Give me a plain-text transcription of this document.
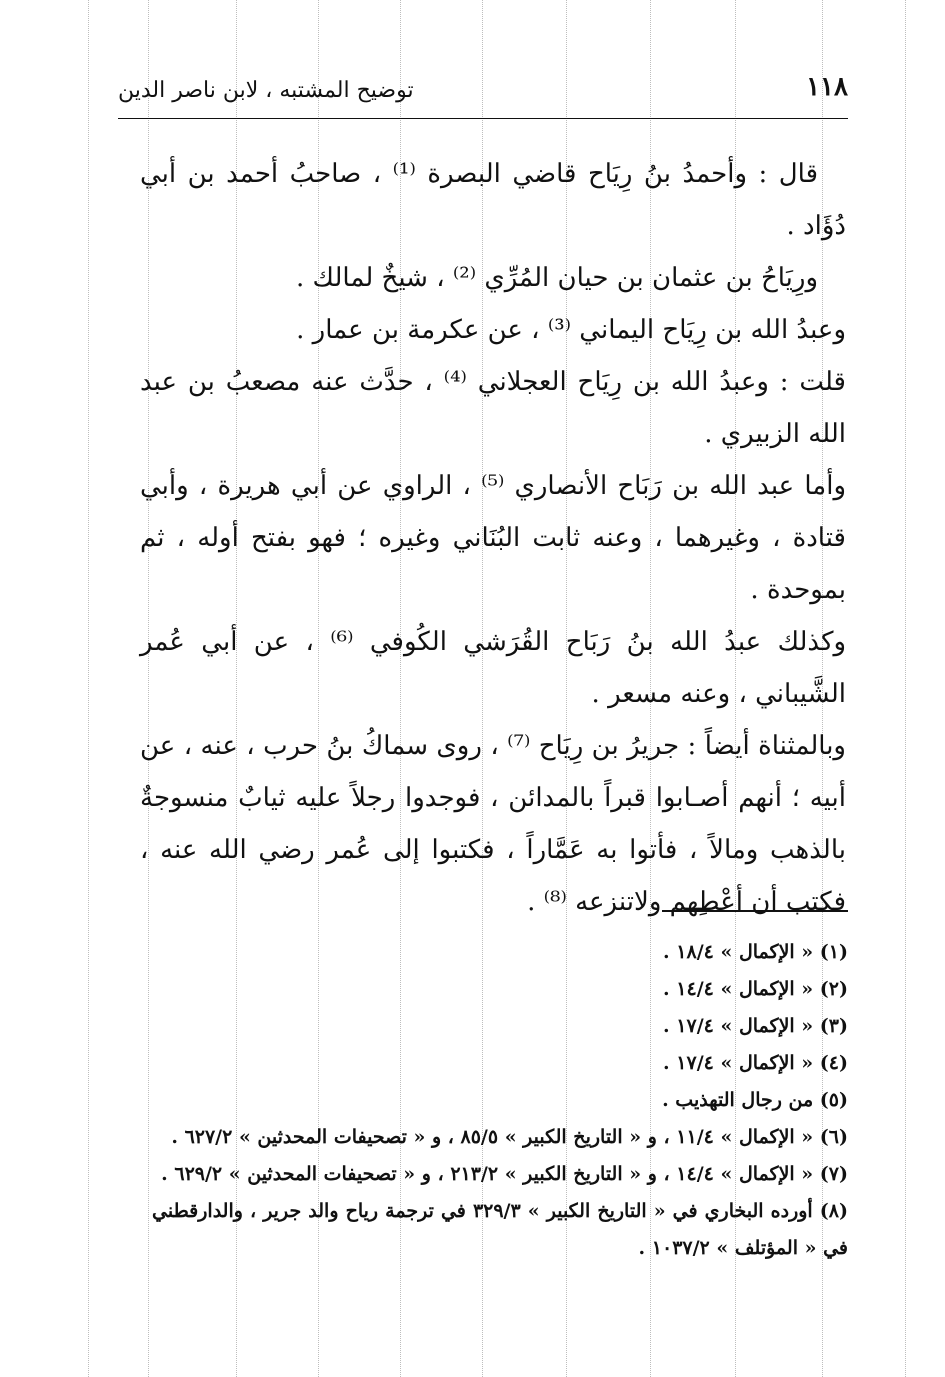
١١٨
توضيح المشتبه ، لابن ناصر الدين

قال : وأحمدُ بنُ رِيَاح قاضي البصرة ⁽¹⁾ ، صاحبُ أحمد بن أبي دُؤَاد .

ورِيَاحُ بن عثمان بن حيان المُرِّي ⁽²⁾ ، شيخٌ لمالك .

وعبدُ الله بن رِيَاح اليماني ⁽³⁾ ، عن عكرمة بن عمار .

قلت : وعبدُ الله بن رِيَاح العجلاني ⁽⁴⁾ ، حدَّث عنه مصعبُ بن عبد الله الزبيري .

وأما عبد الله بن رَبَاح الأنصاري ⁽⁵⁾ ، الراوي عن أبي هريرة ، وأبي قتادة ، وغيرهما ، وعنه ثابت البُنَاني وغيره ؛ فهو بفتح أوله ، ثم بموحدة .

وكذلك عبدُ الله بنُ رَبَاح القُرَشي الكُوفي ⁽⁶⁾ ، عن أبي عُمر الشَّيباني ، وعنه مسعر .

وبالمثناة أيضاً : جريرُ بن رِيَاح ⁽⁷⁾ ، روى سماكُ بنُ حرب ، عنه ، عن أبيه ؛ أنهم أصـابوا قبراً بالمدائن ، فوجدوا رجلاً عليه ثيابٌ منسوجةٌ بالذهب ومالاً ، فأتوا به عَمَّاراً ، فكتبوا إلى عُمر رضي الله عنه ، فكتب أن أعْطِهم ولاتنزعه ⁽⁸⁾ .

(١) « الإكمال » ١٨/٤ .

(٢) « الإكمال » ١٤/٤ .

(٣) « الإكمال » ١٧/٤ .

(٤) « الإكمال » ١٧/٤ .

(٥) من رجال التهذيب .

(٦) « الإكمال » ١١/٤ ، و « التاريخ الكبير » ٨٥/٥ ، و « تصحيفات المحدثين » ٦٢٧/٢ .

(٧) « الإكمال » ١٤/٤ ، و « التاريخ الكبير » ٢١٣/٢ ، و « تصحيفات المحدثين » ٦٢٩/٢ .

(٨) أورده البخاري في « التاريخ الكبير » ٣٢٩/٣ في ترجمة رياح والد جرير ، والدارقطني في « المؤتلف » ١٠٣٧/٢ .
